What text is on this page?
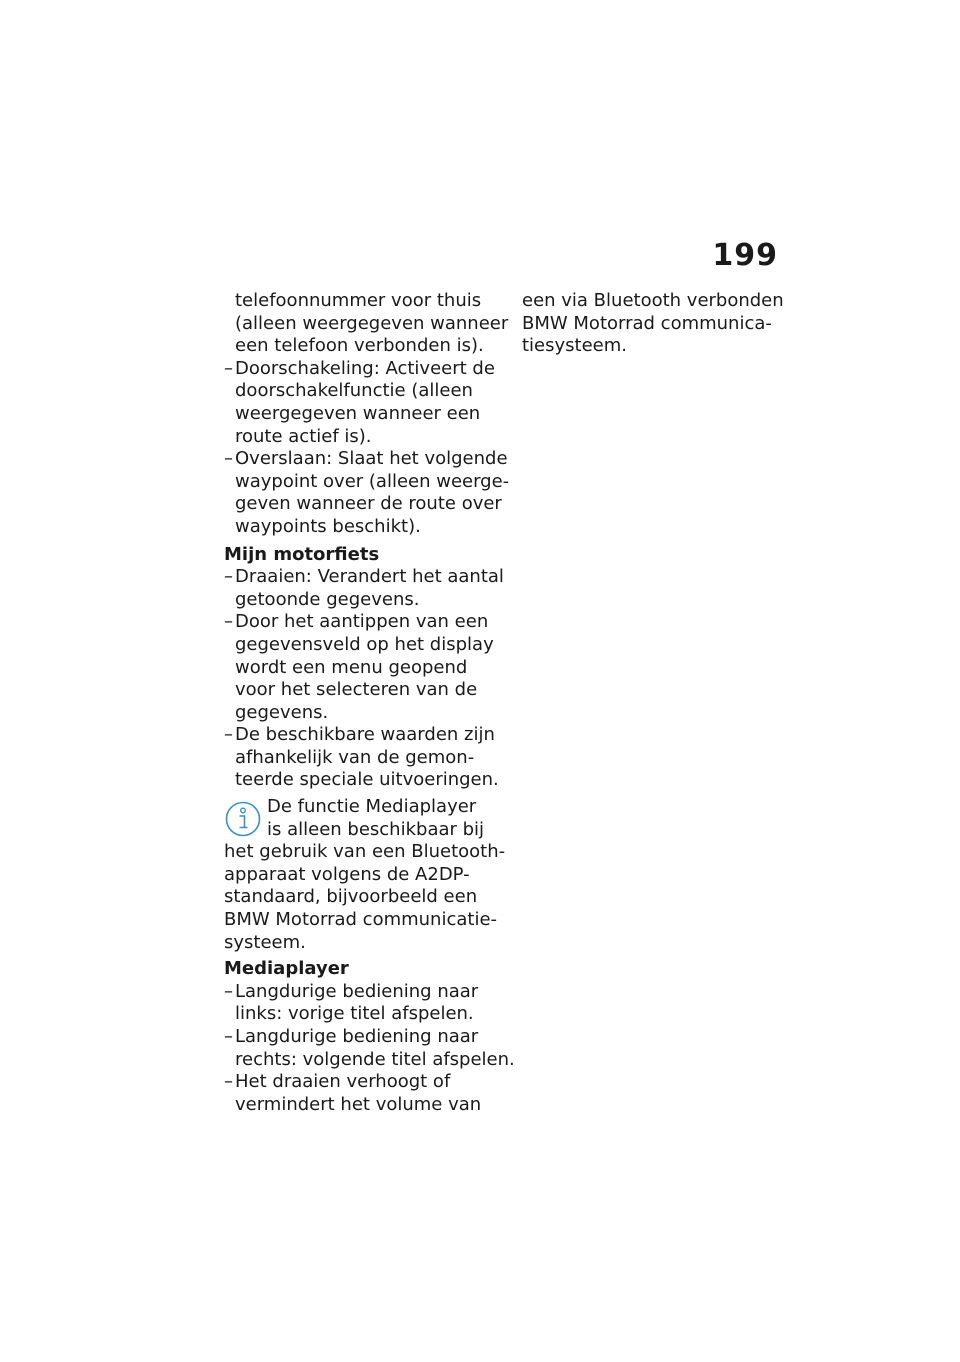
199
telefoonnummer voor thuis
(alleen weergegeven wanneer
een telefoon verbonden is).
– Doorschakeling: Activeert de
doorschakelfunctie (alleen
weergegeven wanneer een
route actief is).
– Overslaan: Slaat het volgende
waypoint over (alleen weerge-
geven wanneer de route over
waypoints beschikt).
Mijn motorfiets
– Draaien: Verandert het aantal
getoonde gegevens.
– Door het aantippen van een
gegevensveld op het display
wordt een menu geopend
voor het selecteren van de
gegevens.
– De beschikbare waarden zijn
afhankelijk van de gemon-
teerde speciale uitvoeringen.
De functie Mediaplayer
is alleen beschikbaar bij
het gebruik van een Bluetooth-
apparaat volgens de A2DP-
standaard, bijvoorbeeld een
BMW Motorrad communicatie-
systeem.
Mediaplayer
– Langdurige bediening naar
links: vorige titel afspelen.
– Langdurige bediening naar
rechts: volgende titel afspelen.
– Het draaien verhoogt of
vermindert het volume van
een via Bluetooth verbonden
BMW Motorrad communica-
tiesysteem.
